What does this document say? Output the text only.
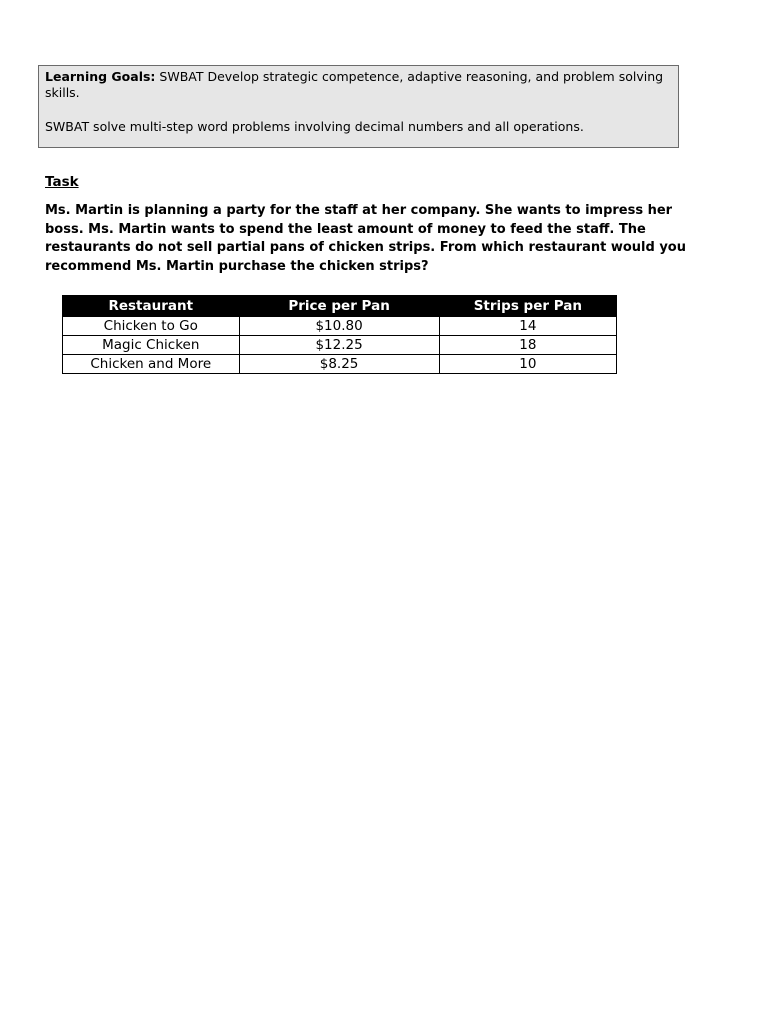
Learning Goals: SWBAT Develop strategic competence, adaptive reasoning, and problem solving skills.

SWBAT solve multi-step word problems involving decimal numbers and all operations.

Task

Ms. Martin is planning a party for the staff at her company. She wants to impress her boss. Ms. Martin wants to spend the least amount of money to feed the staff. The restaurants do not sell partial pans of chicken strips. From which restaurant would you recommend Ms. Martin purchase the chicken strips?

Restaurant	Price per Pan	Strips per Pan
Chicken to Go	$10.80	14
Magic Chicken	$12.25	18
Chicken and More	$8.25	10
